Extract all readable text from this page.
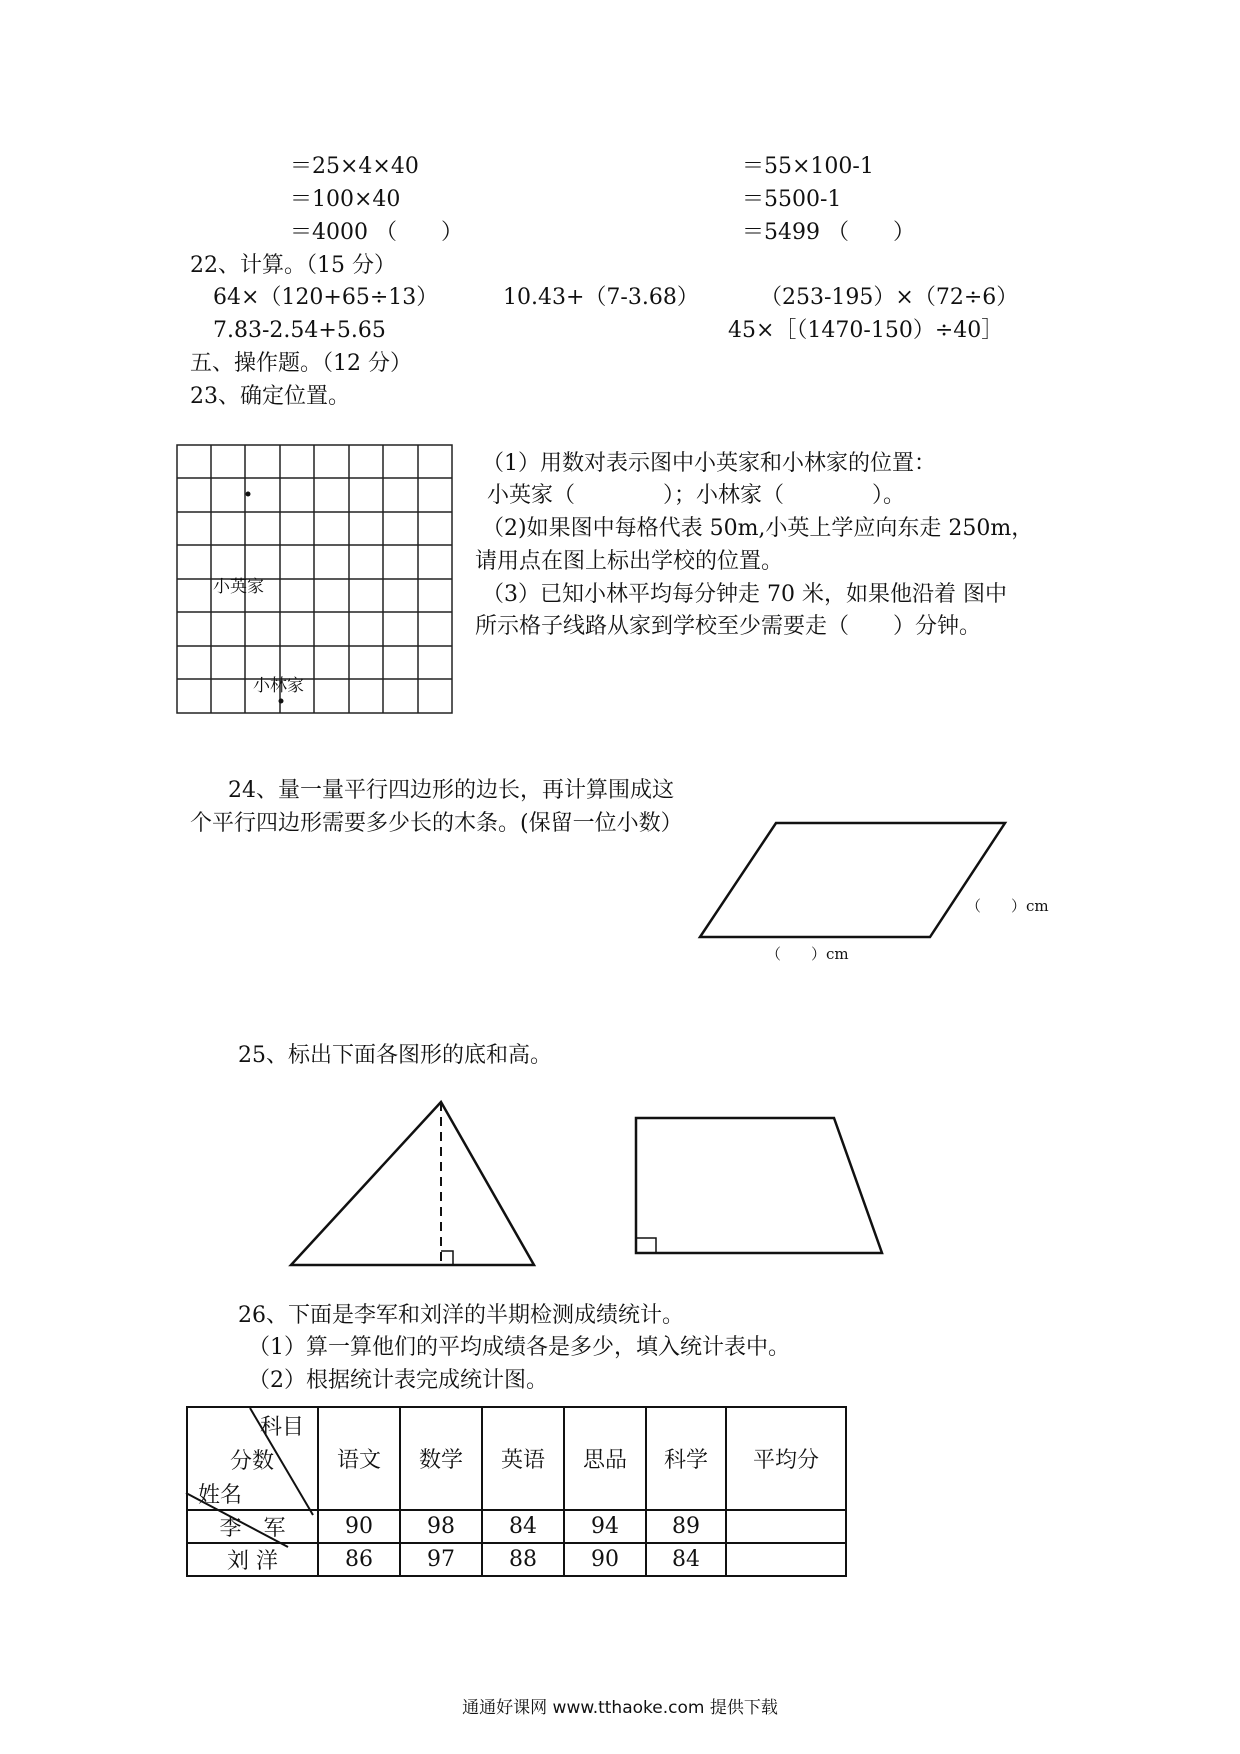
＝25×4×40
＝100×40
＝4000 （　　）
＝55×100-1
＝5500-1
＝5499 （　　）
22、计算。（15 分）
64×（120+65÷13）	10.43+（7-3.68）	（253-195）×（72÷6）
7.83-2.54+5.65	45×［（1470-150）÷40］
五、操作题。（12 分）
23、确定位置。
小英家
小林家
（1）用数对表示图中小英家和小林家的位置：
小英家（　　　　）；小林家（　　　　）。
（2)如果图中每格代表 50m,小英上学应向东走 250m，
请用点在图上标出学校的位置。
（3）已知小林平均每分钟走 70 米，如果他沿着 图中
所示格子线路从家到学校至少需要走（　　）分钟。
24、量一量平行四边形的边长，再计算围成这
个平行四边形需要多少长的木条。(保留一位小数）
（　　）cm
（　　）cm
25、标出下面各图形的底和高。
26、下面是李军和刘洋的半期检测成绩统计。
（1）算一算他们的平均成绩各是多少，填入统计表中。
（2）根据统计表完成统计图。
科目
分数
姓名	语文	数学	英语	思品	科学	平均分
李　军	90	98	84	94	89	
刘 洋	86	97	88	90	84	
通通好课网 www.tthaoke.com 提供下载
